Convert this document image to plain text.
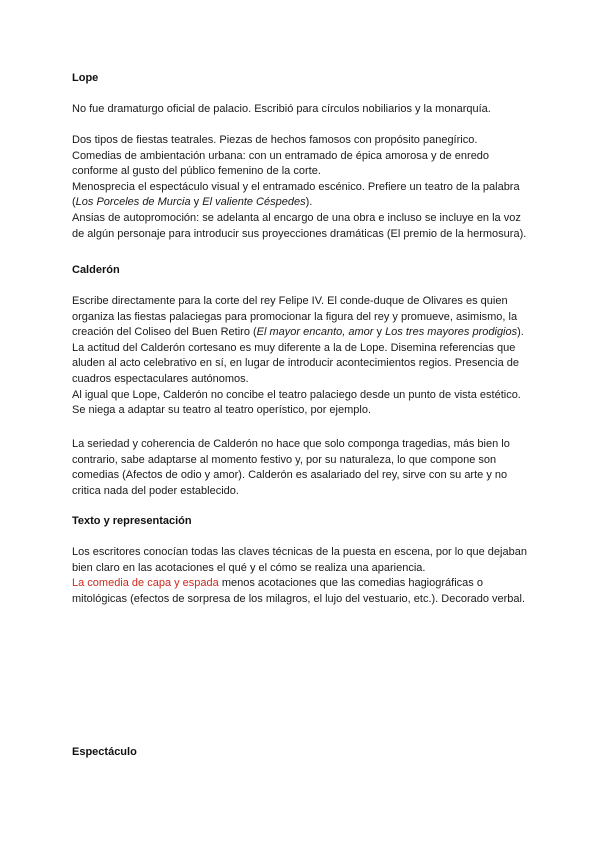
Lope

No fue dramaturgo oficial de palacio. Escribió para círculos nobiliarios y la monarquía.

Dos tipos de fiestas teatrales. Piezas de hechos famosos con propósito panegírico.

Comedias de ambientación urbana: con un entramado de épica amorosa y de enredo conforme al gusto del público femenino de la corte.

Menosprecia el espectáculo visual y el entramado escénico. Prefiere un teatro de la palabra (Los Porceles de Murcia y El valiente Céspedes).

Ansias de autopromoción: se adelanta al encargo de una obra e incluso se incluye en la voz de algún personaje para introducir sus proyecciones dramáticas (El premio de la hermosura).

Calderón

Escribe directamente para la corte del rey Felipe IV. El conde-duque de Olivares es quien organiza las fiestas palaciegas para promocionar la figura del rey y promueve, asimismo, la creación del Coliseo del Buen Retiro (El mayor encanto, amor y Los tres mayores prodigios).

La actitud del Calderón cortesano es muy diferente a la de Lope. Disemina referencias que aluden al acto celebrativo en sí, en lugar de introducir acontecimientos regios. Presencia de cuadros espectaculares autónomos.

Al igual que Lope, Calderón no concibe el teatro palaciego desde un punto de vista estético. Se niega a adaptar su teatro al teatro operístico, por ejemplo.

La seriedad y coherencia de Calderón no hace que solo componga tragedias, más bien lo contrario, sabe adaptarse al momento festivo y, por su naturaleza, lo que compone son comedias (Afectos de odio y amor). Calderón es asalariado del rey, sirve con su arte y no critica nada del poder establecido.

Texto y representación

Los escritores conocían todas las claves técnicas de la puesta en escena, por lo que dejaban bien claro en las acotaciones el qué y el cómo se realiza una apariencia.

La comedia de capa y espada menos acotaciones que las comedias hagiográficas o mitológicas (efectos de sorpresa de los milagros, el lujo del vestuario, etc.). Decorado verbal.

Espectáculo
